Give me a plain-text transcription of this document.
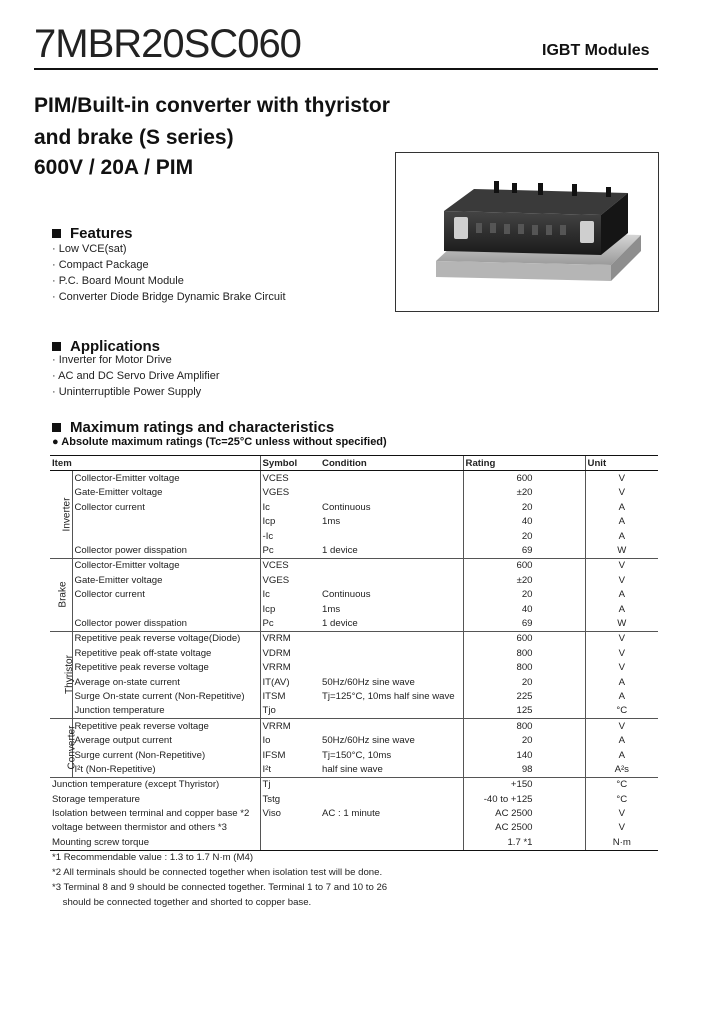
7MBR20SC060	IGBT Modules
PIM/Built-in converter with thyristor
and brake (S series)
600V / 20A / PIM
Features
· Low VCE(sat)
· Compact Package
· P.C. Board Mount Module
· Converter Diode Bridge Dynamic Brake Circuit
Applications
· Inverter for Motor Drive
· AC and DC Servo Drive Amplifier
· Uninterruptible Power Supply
Maximum ratings and characteristics
● Absolute maximum ratings (Tc=25°C unless without specified)
Item		Symbol	Condition	Rating	Unit
Inverter	Collector-Emitter voltage	VCES		600	V
	Gate-Emitter voltage	VGES		±20	V
	Collector current	Ic	Continuous	20	A
		Icp	1ms	40	A
		-Ic		20	A
	Collector power disspation	Pc	1 device	69	W
Brake	Collector-Emitter voltage	VCES		600	V
	Gate-Emitter voltage	VGES		±20	V
	Collector current	Ic	Continuous	20	A
		Icp	1ms	40	A
	Collector power disspation	Pc	1 device	69	W
Thyristor	Repetitive peak reverse voltage(Diode)	VRRM		600	V
	Repetitive peak off-state voltage	VDRM		800	V
	Repetitive peak reverse voltage	VRRM		800	V
	Average on-state current	IT(AV)	50Hz/60Hz sine wave	20	A
	Surge On-state current (Non-Repetitive)	ITSM	Tj=125°C, 10ms half sine wave	225	A
	Junction temperature	Tjo		125	°C
Converter	Repetitive peak reverse voltage	VRRM		800	V
	Average output current	Io	50Hz/60Hz sine wave	20	A
	Surge current (Non-Repetitive)	IFSM	Tj=150°C, 10ms	140	A
	I²t (Non-Repetitive)	I²t	half sine wave	98	A²s
Junction temperature (except Thyristor)		Tj		+150	°C
Storage temperature		Tstg		-40 to +125	°C
Isolation between terminal and copper base *2		Viso	AC : 1 minute	AC 2500	V
voltage between thermistor and others *3				AC 2500	V
Mounting screw torque				1.7 *1	N·m
*1 Recommendable value : 1.3 to 1.7 N·m (M4)
*2 All terminals should be connected together when isolation test will be done.
*3 Terminal 8 and 9 should be connected together. Terminal 1 to 7 and 10 to 26
should be connected together and shorted to copper base.
